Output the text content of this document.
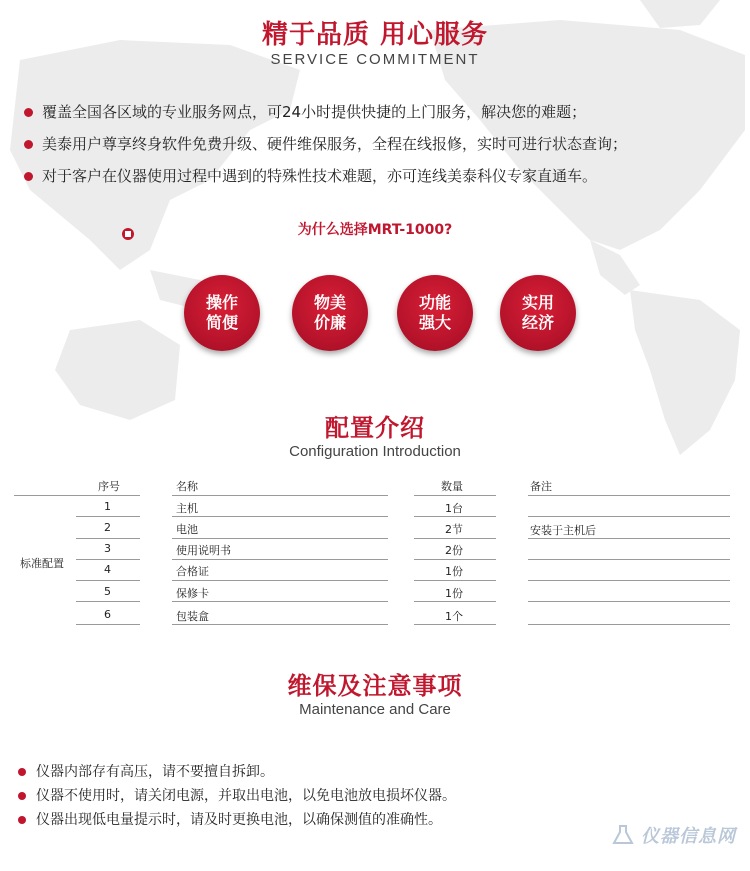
精于品质 用心服务
SERVICE COMMITMENT
覆盖全国各区域的专业服务网点，可24小时提供快捷的上门服务，解决您的难题；
美泰用户尊享终身软件免费升级、硬件维保服务，全程在线报修，实时可进行状态查询；
对于客户在仪器使用过程中遇到的特殊性技术难题，亦可连线美泰科仪专家直通车。
为什么选择MRT-1000?
操作
简便
物美
价廉
功能
强大
实用
经济
配置介绍
Configuration Introduction
序号	名称	数量	备注
标准配置
1	主机	1台
2	电池	2节	安装于主机后
3	使用说明书	2份
4	合格证	1份
5	保修卡	1份
6	包装盒	1个
维保及注意事项
Maintenance and Care
仪器内部存有高压，请不要擅自拆卸。
仪器不使用时，请关闭电源，并取出电池，以免电池放电损坏仪器。
仪器出现低电量提示时，请及时更换电池，以确保测值的准确性。
仪器信息网
